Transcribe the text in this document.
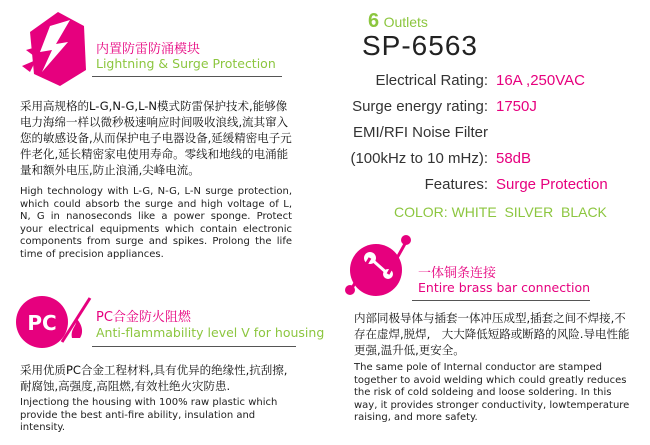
内置防雷防涌模块
Lightning & Surge Protection
采用高规格的L-G,N-G,L-N模式防雷保护技术,能够像电力海绵一样以微秒极速响应时间吸收浪线,流其窜入您的敏感设备,从而保护电子电器设备,延缓精密电子元件老化,延长精密家电使用寿命。零线和地线的电涌能量和额外电压,防止浪涌,尖峰电流。
High technology with L-G, N-G, L-N surge protection, which could absorb the surge and high voltage of L, N, G in nanoseconds like a power sponge. Protect your electrical equipments which contain electronic components from surge and spikes. Prolong the life time of precision appliances.
PC	PC合金防火阻燃
Anti-flammability level V for housing
采用优质PC合金工程材料,具有优异的绝缘性,抗刮擦,耐腐蚀,高强度,高阻燃,有效杜绝火灾防患.
Injectiong the housing with 100% raw plastic which provide the best anti-fire ability, insulation and intensity.
6 Outlets
SP-6563
Electrical Rating: 16A ,250VAC
Surge energy rating: 1750J
EMI/RFI Noise Filter
(100kHz to 10 mHz): 58dB
Features: Surge Protection
COLOR: WHITE  SILVER  BLACK
一体铜条连接
Entire brass bar connection
内部同极导体与插套一体冲压成型,插套之间不焊接,不存在虚焊,脱焊,　大大降低短路或断路的风险.导电性能更强,温升低,更安全。
The same pole of Internal conductor are stamped together to avoid welding which could greatly reduces the risk of cold soldeing and loose soldering. In this way, it provides stronger conductivity, lowtemperature raising, and more safety.
